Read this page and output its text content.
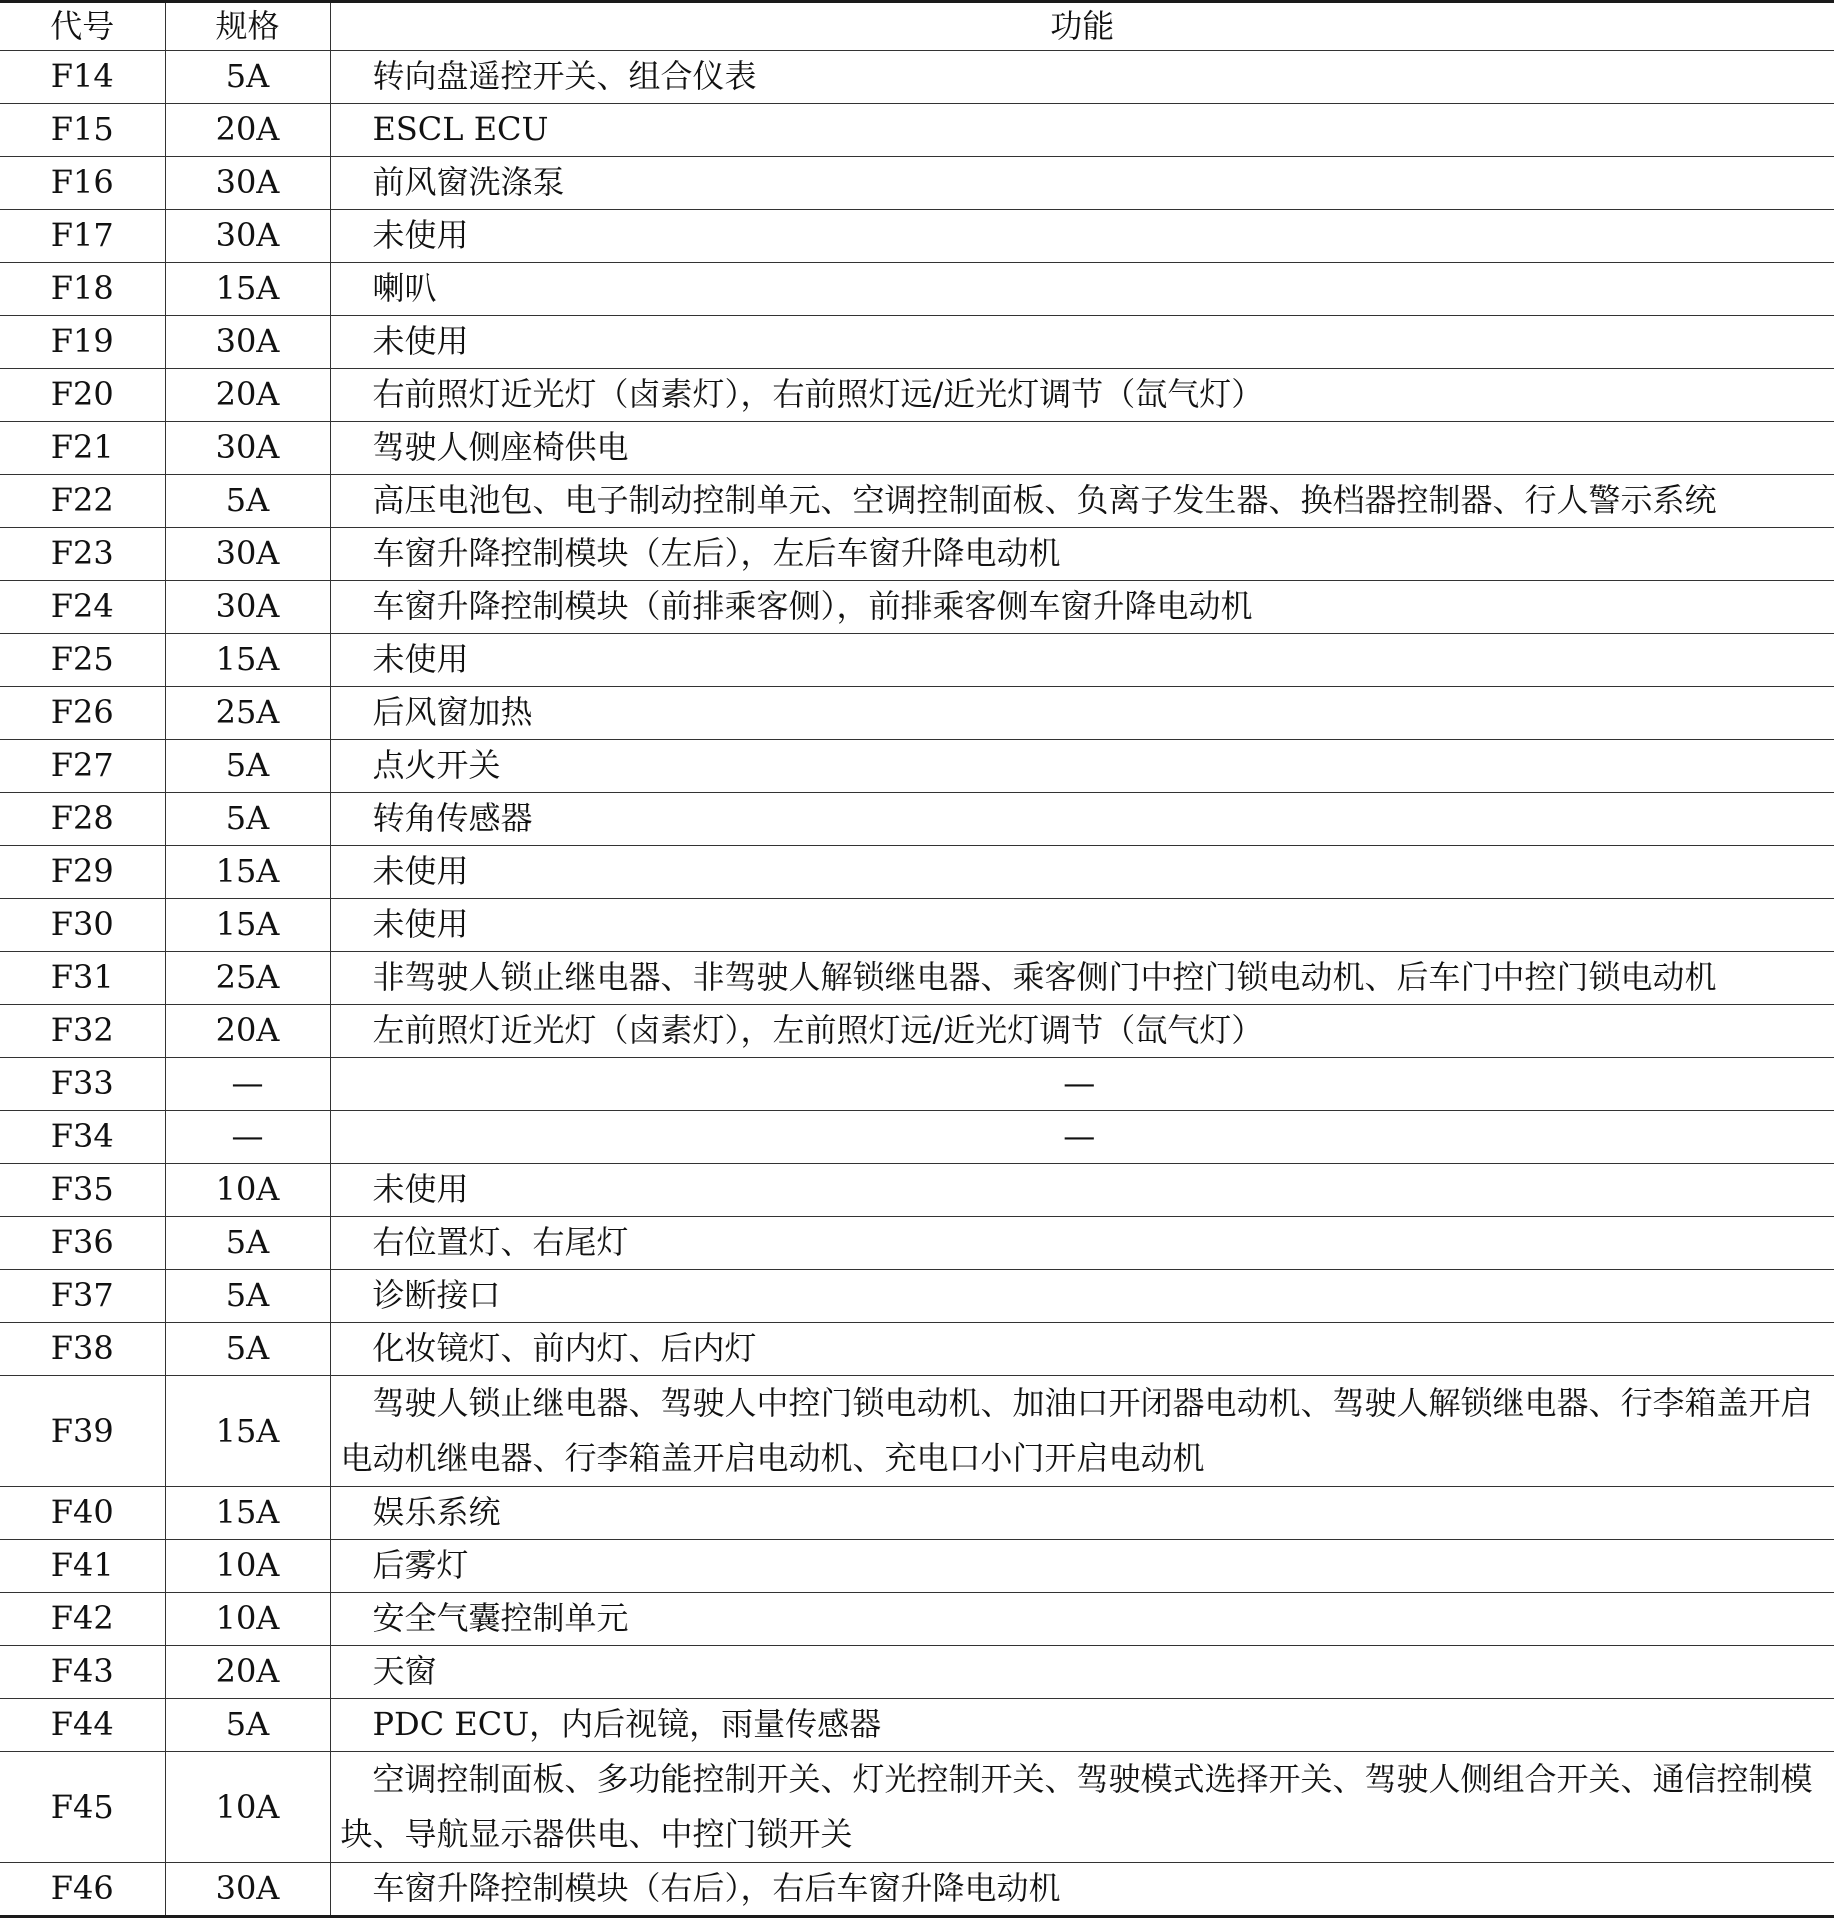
代号	规格	功能
F14	5A	转向盘遥控开关、组合仪表
F15	20A	ESCL ECU
F16	30A	前风窗洗涤泵
F17	30A	未使用
F18	15A	喇叭
F19	30A	未使用
F20	20A	右前照灯近光灯（卤素灯），右前照灯远/近光灯调节（氙气灯）
F21	30A	驾驶人侧座椅供电
F22	5A	高压电池包、电子制动控制单元、空调控制面板、负离子发生器、换档器控制器、行人警示系统
F23	30A	车窗升降控制模块（左后），左后车窗升降电动机
F24	30A	车窗升降控制模块（前排乘客侧），前排乘客侧车窗升降电动机
F25	15A	未使用
F26	25A	后风窗加热
F27	5A	点火开关
F28	5A	转角传感器
F29	15A	未使用
F30	15A	未使用
F31	25A	非驾驶人锁止继电器、非驾驶人解锁继电器、乘客侧门中控门锁电动机、后车门中控门锁电动机
F32	20A	左前照灯近光灯（卤素灯），左前照灯远/近光灯调节（氙气灯）
F33	—	—
F34	—	—
F35	10A	未使用
F36	5A	右位置灯、右尾灯
F37	5A	诊断接口
F38	5A	化妆镜灯、前内灯、后内灯
F39	15A	驾驶人锁止继电器、驾驶人中控门锁电动机、加油口开闭器电动机、驾驶人解锁继电器、行李箱盖开启电动机继电器、行李箱盖开启电动机、充电口小门开启电动机
F40	15A	娱乐系统
F41	10A	后雾灯
F42	10A	安全气囊控制单元
F43	20A	天窗
F44	5A	PDC ECU，内后视镜，雨量传感器
F45	10A	空调控制面板、多功能控制开关、灯光控制开关、驾驶模式选择开关、驾驶人侧组合开关、通信控制模块、导航显示器供电、中控门锁开关
F46	30A	车窗升降控制模块（右后），右后车窗升降电动机
